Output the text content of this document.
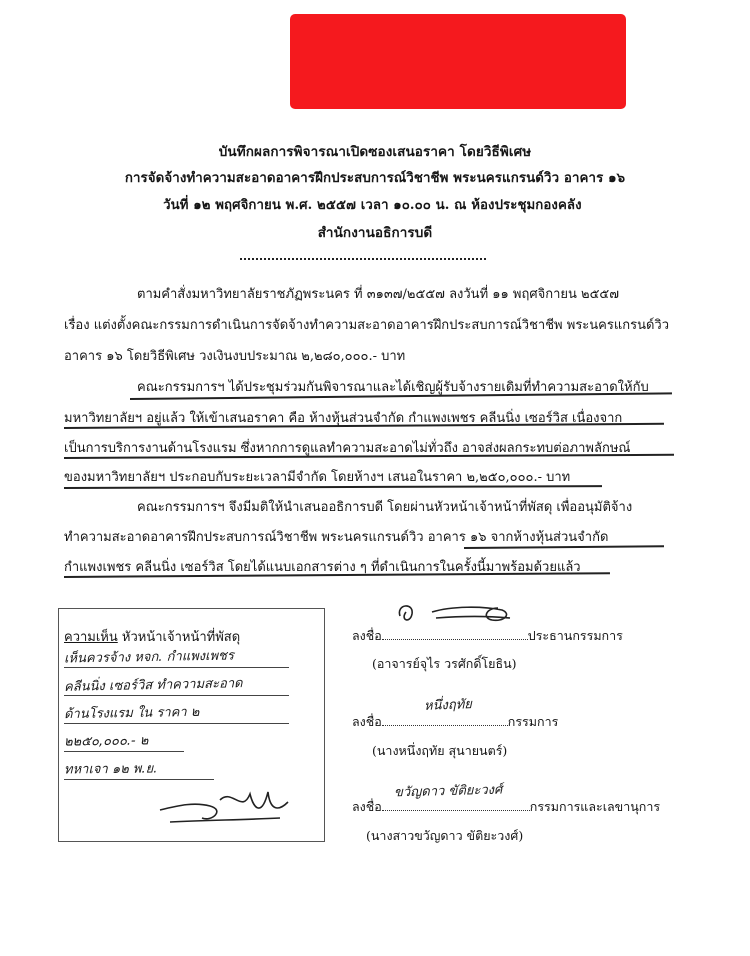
บันทึกผลการพิจารณาเปิดซองเสนอราคา โดยวิธีพิเศษ
การจัดจ้างทำความสะอาดอาคารฝึกประสบการณ์วิชาชีพ พระนครแกรนด์วิว อาคาร ๑๖
วันที่ ๑๒ พฤศจิกายน พ.ศ. ๒๕๕๗ เวลา ๑๐.๐๐ น. ณ ห้องประชุมกองคลัง
สำนักงานอธิการบดี
ตามคำสั่งมหาวิทยาลัยราชภัฏพระนคร ที่ ๓๑๓๗/๒๕๕๗ ลงวันที่ ๑๑ พฤศจิกายน ๒๕๕๗
เรื่อง แต่งตั้งคณะกรรมการดำเนินการจัดจ้างทำความสะอาดอาคารฝึกประสบการณ์วิชาชีพ พระนครแกรนด์วิว
อาคาร ๑๖ โดยวิธีพิเศษ วงเงินงบประมาณ ๒,๒๘๐,๐๐๐.- บาท
คณะกรรมการฯ ได้ประชุมร่วมกันพิจารณาและได้เชิญผู้รับจ้างรายเดิมที่ทำความสะอาดให้กับ
มหาวิทยาลัยฯ อยู่แล้ว ให้เข้าเสนอราคา คือ ห้างหุ้นส่วนจำกัด กำแพงเพชร คลีนนิ่ง เซอร์วิส เนื่องจาก
เป็นการบริการงานด้านโรงแรม ซึ่งหากการดูแลทำความสะอาดไม่ทั่วถึง อาจส่งผลกระทบต่อภาพลักษณ์
ของมหาวิทยาลัยฯ ประกอบกับระยะเวลามีจำกัด โดยห้างฯ เสนอในราคา ๒,๒๕๐,๐๐๐.- บาท
คณะกรรมการฯ จึงมีมติให้นำเสนออธิการบดี โดยผ่านหัวหน้าเจ้าหน้าที่พัสดุ เพื่ออนุมัติจ้าง
ทำความสะอาดอาคารฝึกประสบการณ์วิชาชีพ พระนครแกรนด์วิว อาคาร ๑๖ จากห้างหุ้นส่วนจำกัด
กำแพงเพชร คลีนนิ่ง เซอร์วิส โดยได้แนบเอกสารต่าง ๆ ที่ดำเนินการในครั้งนี้มาพร้อมด้วยแล้ว
ความเห็น หัวหน้าเจ้าหน้าที่พัสดุ
เห็นควรจ้าง หจก. กำแพงเพชร
คลีนนิ่ง เซอร์วิส ทำความสะอาด
ด้านโรงแรม ใน ราคา ๒
๒๒๕๐,๐๐๐.- ๒
ทหาเจา ๑๒ พ.ย.
ลงชื่อ	ประธานกรรมการ
(อาจารย์จุไร วรศักดิ์โยธิน)
ลงชื่อ	กรรมการ
หนึ่งฤทัย
(นางหนึ่งฤทัย สุนายนตร์)
ลงชื่อ	กรรมการและเลขานุการ
ขวัญดาว ขัติยะวงศ์
(นางสาวขวัญดาว ขัติยะวงศ์)
